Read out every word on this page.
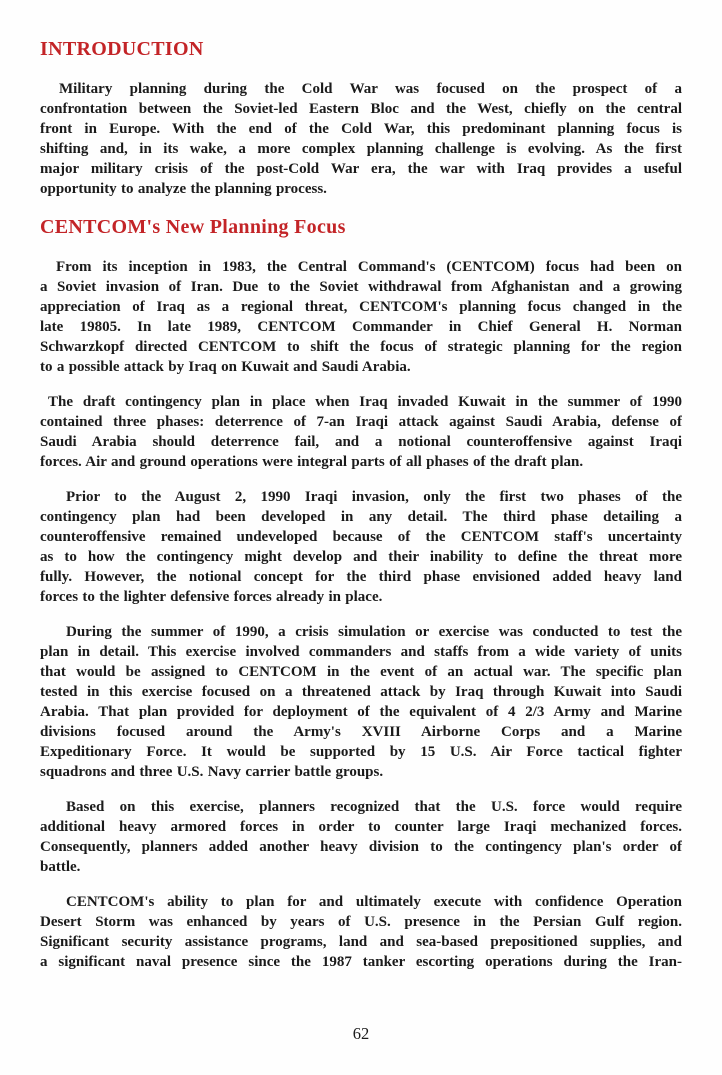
INTRODUCTION
Military planning during the Cold War was focused on the prospect of a
confrontation between the Soviet-led Eastern Bloc and the West, chiefly on the central
front in Europe. With the end of the Cold War, this predominant planning focus is
shifting and, in its wake, a more complex planning challenge is evolving. As the first
major military crisis of the post-Cold War era, the war with Iraq provides a useful
opportunity to analyze the planning process.
CENTCOM's New Planning Focus
From its inception in 1983, the Central Command's (CENTCOM) focus had been on
a Soviet invasion of Iran. Due to the Soviet withdrawal from Afghanistan and a growing
appreciation of Iraq as a regional threat, CENTCOM's planning focus changed in the
late 19805. In late 1989, CENTCOM Commander in Chief General H. Norman
Schwarzkopf directed CENTCOM to shift the focus of strategic planning for the region
to a possible attack by Iraq on Kuwait and Saudi Arabia.
The draft contingency plan in place when Iraq invaded Kuwait in the summer of 1990
contained three phases: deterrence of 7-an Iraqi attack against Saudi Arabia, defense of
Saudi Arabia should deterrence fail, and a notional counteroffensive against Iraqi
forces. Air and ground operations were integral parts of all phases of the draft plan.
Prior to the August 2, 1990 Iraqi invasion, only the first two phases of the
contingency plan had been developed in any detail. The third phase detailing a
counteroffensive remained undeveloped because of the CENTCOM staff's uncertainty
as to how the contingency might develop and their inability to define the threat more
fully. However, the notional concept for the third phase envisioned added heavy land
forces to the lighter defensive forces already in place.
During the summer of 1990, a crisis simulation or exercise was conducted to test the
plan in detail. This exercise involved commanders and staffs from a wide variety of units
that would be assigned to CENTCOM in the event of an actual war. The specific plan
tested in this exercise focused on a threatened attack by Iraq through Kuwait into Saudi
Arabia. That plan provided for deployment of the equivalent of 4 2/3 Army and Marine
divisions focused around the Army's XVIII Airborne Corps and a Marine
Expeditionary Force. It would be supported by 15 U.S. Air Force tactical fighter
squadrons and three U.S. Navy carrier battle groups.
Based on this exercise, planners recognized that the U.S. force would require
additional heavy armored forces in order to counter large Iraqi mechanized forces.
Consequently, planners added another heavy division to the contingency plan's order of
battle.
CENTCOM's ability to plan for and ultimately execute with confidence Operation
Desert Storm was enhanced by years of U.S. presence in the Persian Gulf region.
Significant security assistance programs, land and sea-based prepositioned supplies, and
a significant naval presence since the 1987 tanker escorting operations during the Iran-
62
